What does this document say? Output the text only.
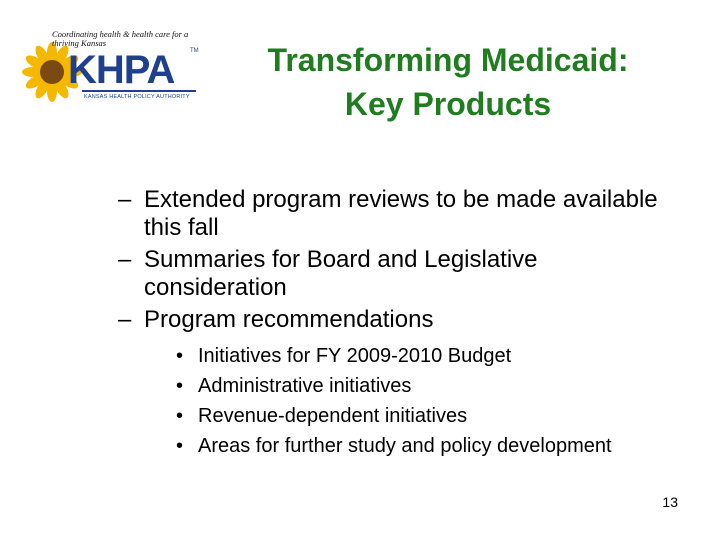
Coordinating health & health care for a thriving Kansas
KHPA	TM
KANSAS HEALTH POLICY AUTHORITY
Transforming Medicaid:
Key Products
– Extended program reviews to be made available this fall
– Summaries for Board and Legislative consideration
– Program recommendations
• Initiatives for FY 2009-2010 Budget
• Administrative initiatives
• Revenue-dependent initiatives
• Areas for further study and policy development
13
